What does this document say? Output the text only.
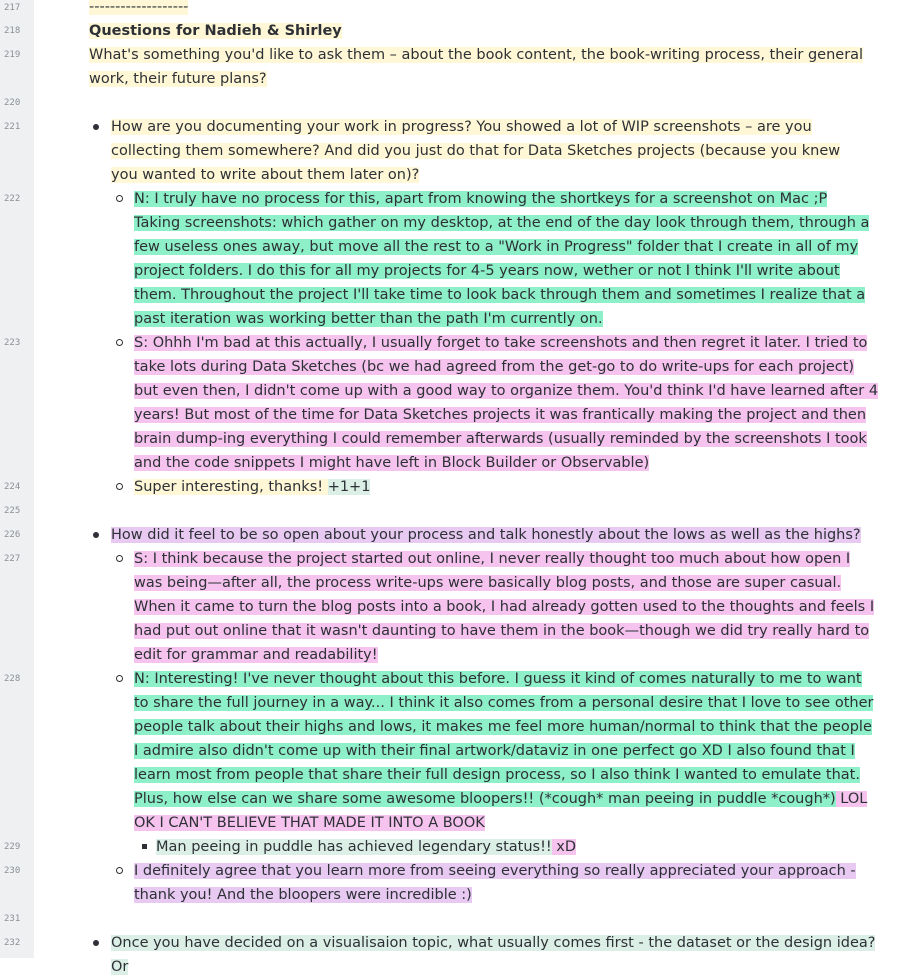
217
218
219
220
221
222
223
224
225
226
227
228
229
230
231
232
-------------------
Questions for Nadieh & Shirley
What's something you'd like to ask them – about the book content, the book-writing process, their general work, their future plans?
How are you documenting your work in progress? You showed a lot of WIP screenshots – are you collecting them somewhere? And did you just do that for Data Sketches projects (because you knew you wanted to write about them later on)?
N: I truly have no process for this, apart from knowing the shortkeys for a screenshot on Mac ;P Taking screenshots: which gather on my desktop, at the end of the day look through them, through a few useless ones away, but move all the rest to a "Work in Progress" folder that I create in all of my project folders. I do this for all my projects for 4-5 years now, wether or not I think I'll write about them. Throughout the project I'll take time to look back through them and sometimes I realize that a past iteration was working better than the path I'm currently on.
S: Ohhh I'm bad at this actually, I usually forget to take screenshots and then regret it later. I tried to take lots during Data Sketches (bc we had agreed from the get-go to do write-ups for each project) but even then, I didn't come up with a good way to organize them. You'd think I'd have learned after 4 years! But most of the time for Data Sketches projects it was frantically making the project and then brain dump-ing everything I could remember afterwards (usually reminded by the screenshots I took and the code snippets I might have left in Block Builder or Observable)
Super interesting, thanks! +1+1
How did it feel to be so open about your process and talk honestly about the lows as well as the highs?
S: I think because the project started out online, I never really thought too much about how open I was being—after all, the process write-ups were basically blog posts, and those are super casual. When it came to turn the blog posts into a book, I had already gotten used to the thoughts and feels I had put out online that it wasn't daunting to have them in the book—though we did try really hard to edit for grammar and readability!
N: Interesting! I've never thought about this before. I guess it kind of comes naturally to me to want to share the full journey in a way... I think it also comes from a personal desire that I love to see other people talk about their highs and lows, it makes me feel more human/normal to think that the people I admire also didn't come up with their final artwork/dataviz in one perfect go XD I also found that I learn most from people that share their full design process, so I also think I wanted to emulate that. Plus, how else can we share some awesome bloopers!! (*cough* man peeing in puddle *cough*) LOL OK I CAN'T BELIEVE THAT MADE IT INTO A BOOK
Man peeing in puddle has achieved legendary status!! xD
I definitely agree that you learn more from seeing everything so really appreciated your approach - thank you! And the bloopers were incredible :)
Once you have decided on a visualisaion topic, what usually comes first - the dataset or the design idea? Or
